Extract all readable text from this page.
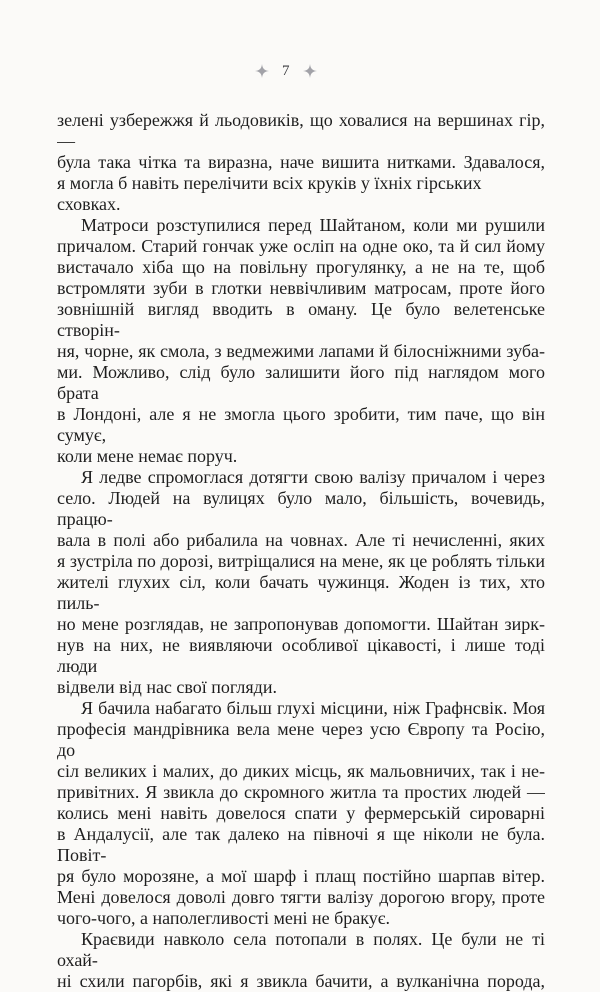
7
зелені узбережжя й льодовиків, що ховалися на вершинах гір, —
була така чітка та виразна, наче вишита нитками. Здавалося,
я могла б навіть перелічити всіх круків у їхніх гірських сховках.
Матроси розступилися перед Шайтаном, коли ми рушили
причалом. Старий гончак уже осліп на одне око, та й сил йому
вистачало хіба що на повільну прогулянку, а не на те, щоб
встромляти зуби в глотки неввічливим матросам, проте його
зовнішній вигляд вводить в оману. Це було велетенське створін-
ня, чорне, як смола, з ведмежими лапами й білосніжними зуба-
ми. Можливо, слід було залишити його під наглядом мого брата
в Лондоні, але я не змогла цього зробити, тим паче, що він сумує,
коли мене немає поруч.
Я ледве спромоглася дотягти свою валізу причалом і через
село. Людей на вулицях було мало, більшість, вочевидь, працю-
вала в полі або рибалила на човнах. Але ті нечисленні, яких
я зустріла по дорозі, витріщалися на мене, як це роблять тільки
жителі глухих сіл, коли бачать чужинця. Жоден із тих, хто пиль-
но мене розглядав, не запропонував допомогти. Шайтан зирк-
нув на них, не виявляючи особливої цікавості, і лише тоді люди
відвели від нас свої погляди.
Я бачила набагато більш глухі місцини, ніж Графнсвік. Моя
професія мандрівника вела мене через усю Європу та Росію, до
сіл великих і малих, до диких місць, як мальовничих, так і не-
привітних. Я звикла до скромного житла та простих людей —
колись мені навіть довелося спати у фермерській сироварні
в Андалусії, але так далеко на півночі я ще ніколи не була. Повіт-
ря було морозяне, а мої шарф і плащ постійно шарпав вітер.
Мені довелося доволі довго тягти валізу дорогою вгору, проте
чого-чого, а наполегливості мені не бракує.
Краєвиди навколо села потопали в полях. Це були не ті охай-
ні схили пагорбів, які я звикла бачити, а вулканічна порода,
